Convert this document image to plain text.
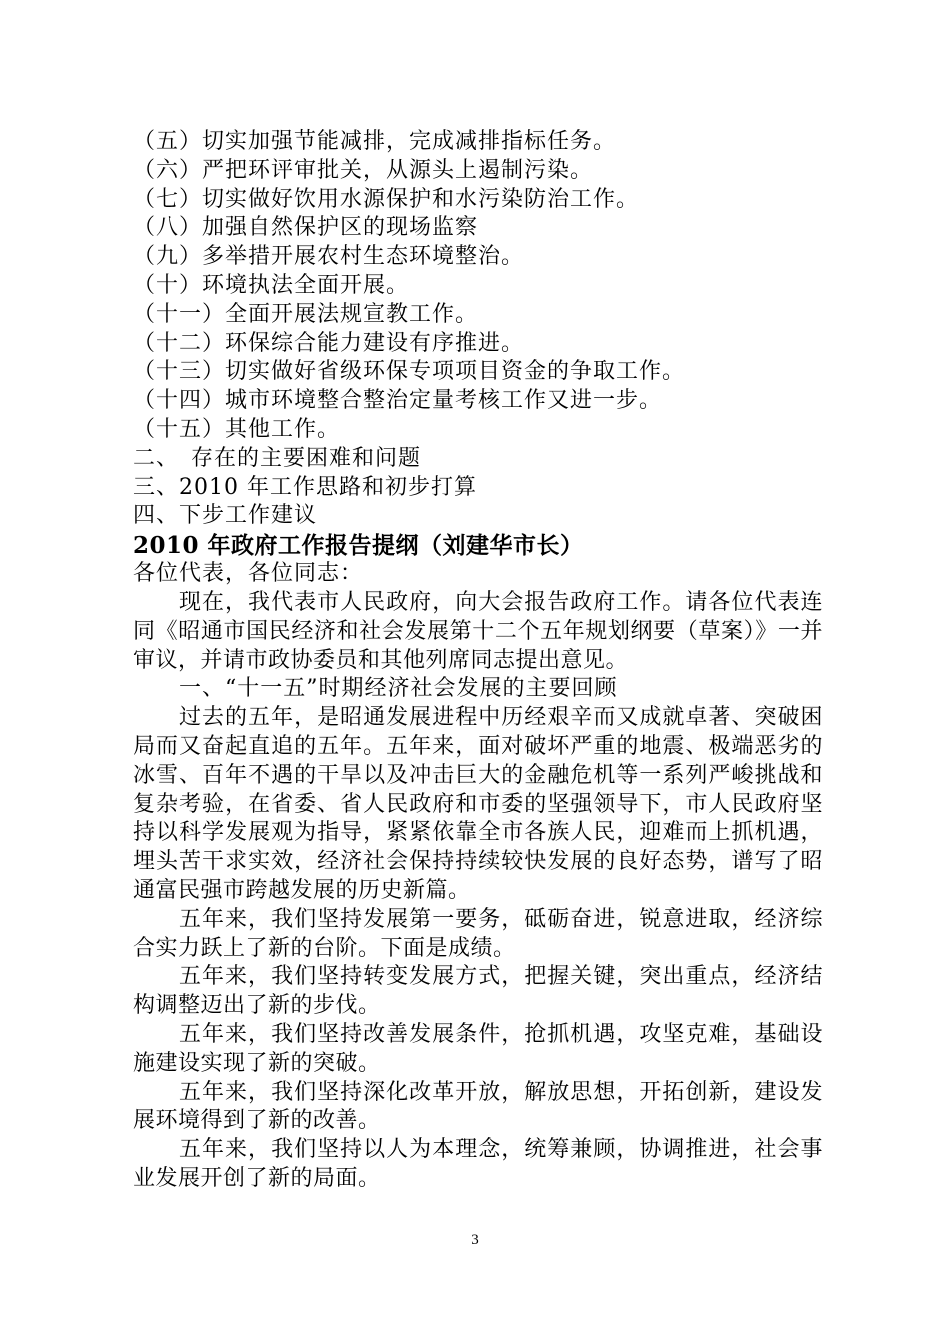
（五）切实加强节能减排，完成减排指标任务。
（六）严把环评审批关，从源头上遏制污染。
（七）切实做好饮用水源保护和水污染防治工作。
（八）加强自然保护区的现场监察
（九）多举措开展农村生态环境整治。
（十）环境执法全面开展。
（十一）全面开展法规宣教工作。
（十二）环保综合能力建设有序推进。
（十三）切实做好省级环保专项项目资金的争取工作。
（十四）城市环境整合整治定量考核工作又进一步。
（十五）其他工作。
二、　存在的主要困难和问题
三、2010 年工作思路和初步打算
四、下步工作建议
2010 年政府工作报告提纲（刘建华市长）
各位代表，各位同志：
现在，我代表市人民政府，向大会报告政府工作。请各位代表连同《昭通市国民经济和社会发展第十二个五年规划纲要（草案）》一并审议，并请市政协委员和其他列席同志提出意见。
一、“十一五”时期经济社会发展的主要回顾
过去的五年，是昭通发展进程中历经艰辛而又成就卓著、突破困局而又奋起直追的五年。五年来，面对破坏严重的地震、极端恶劣的冰雪、百年不遇的干旱以及冲击巨大的金融危机等一系列严峻挑战和复杂考验，在省委、省人民政府和市委的坚强领导下，市人民政府坚持以科学发展观为指导，紧紧依靠全市各族人民，迎难而上抓机遇，埋头苦干求实效，经济社会保持持续较快发展的良好态势，谱写了昭通富民强市跨越发展的历史新篇。
五年来，我们坚持发展第一要务，砥砺奋进，锐意进取，经济综合实力跃上了新的台阶。下面是成绩。
五年来，我们坚持转变发展方式，把握关键，突出重点，经济结构调整迈出了新的步伐。
五年来，我们坚持改善发展条件，抢抓机遇，攻坚克难，基础设施建设实现了新的突破。
五年来，我们坚持深化改革开放，解放思想，开拓创新，建设发展环境得到了新的改善。
五年来，我们坚持以人为本理念，统筹兼顾，协调推进，社会事业发展开创了新的局面。
3
